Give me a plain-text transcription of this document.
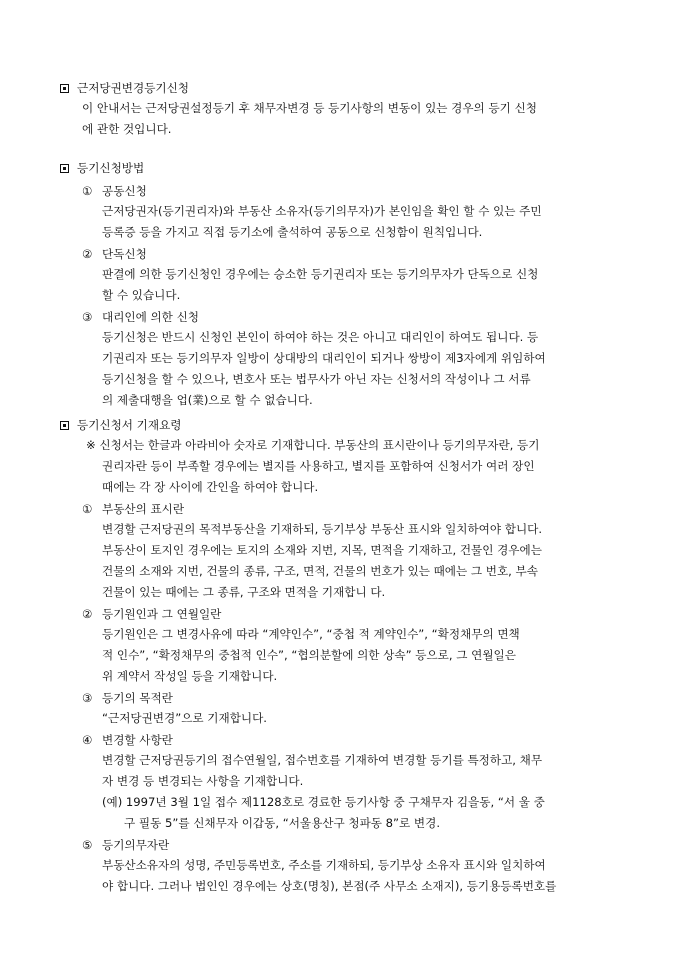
근저당권변경등기신청
이 안내서는 근저당권설정등기 후 채무자변경 등 등기사항의 변동이 있는 경우의 등기 신청
에 관한 것입니다.
등기신청방법
① 공동신청
근저당권자(등기권리자)와 부동산 소유자(등기의무자)가 본인임을 확인 할 수 있는 주민
등록증 등을 가지고 직접 등기소에 출석하여 공동으로 신청함이 원칙입니다.
② 단독신청
판결에 의한 등기신청인 경우에는 승소한 등기권리자 또는 등기의무자가 단독으로 신청
할 수 있습니다.
③ 대리인에 의한 신청
등기신청은 반드시 신청인 본인이 하여야 하는 것은 아니고 대리인이 하여도 됩니다. 등
기권리자 또는 등기의무자 일방이 상대방의 대리인이 되거나 쌍방이 제3자에게 위임하여
등기신청을 할 수 있으나, 변호사 또는 법무사가 아닌 자는 신청서의 작성이나 그 서류
의 제출대행을 업(業)으로 할 수 없습니다.
등기신청서 기재요령
※ 신청서는 한글과 아라비아 숫자로 기재합니다. 부동산의 표시란이나 등기의무자란, 등기
권리자란 등이 부족할 경우에는 별지를 사용하고, 별지를 포함하여 신청서가 여러 장인
때에는 각 장 사이에 간인을 하여야 합니다.
① 부동산의 표시란
변경할 근저당권의 목적부동산을 기재하되, 등기부상 부동산 표시와 일치하여야 합니다.
부동산이 토지인 경우에는 토지의 소재와 지번, 지목, 면적을 기재하고, 건물인 경우에는
건물의 소재와 지번, 건물의 종류, 구조, 면적, 건물의 번호가 있는 때에는 그 번호, 부속
건물이 있는 때에는 그 종류, 구조와 면적을 기재합니 다.
② 등기원인과 그 연월일란
등기원인은 그 변경사유에 따라 “계약인수”, “중첩 적 계약인수”, “확정채무의 면책
적 인수”, “확정채무의 중첩적 인수”, “협의분할에 의한 상속” 등으로, 그 연월일은
위 계약서 작성일 등을 기재합니다.
③ 등기의 목적란
“근저당권변경”으로 기재합니다.
④ 변경할 사항란
변경할 근저당권등기의 접수연월일, 접수번호를 기재하여 변경할 등기를 특정하고, 채무
자 변경 등 변경되는 사항을 기재합니다.
(예) 1997년 3월 1일 접수 제1128호로 경료한 등기사항 중 구채무자 김을동, “서 울 중
구 필동 5”를 신채무자 이갑동, “서울용산구 청파동 8”로 변경.
⑤ 등기의무자란
부동산소유자의 성명, 주민등록번호, 주소를 기재하되, 등기부상 소유자 표시와 일치하여
야 합니다. 그러나 법인인 경우에는 상호(명칭), 본점(주 사무소 소재지), 등기용등록번호를
